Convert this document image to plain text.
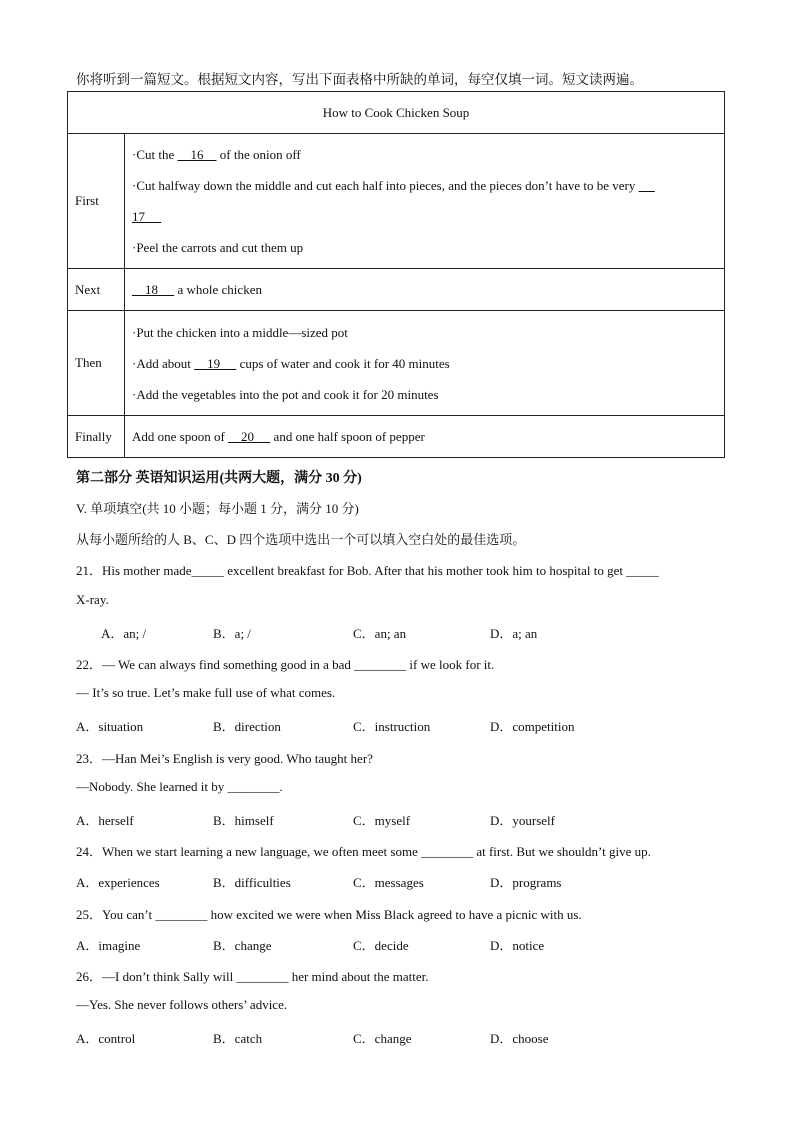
你将听到一篇短文。根据短文内容，写出下面表格中所缺的单词，每空仅填一词。短文读两遍。
How to Cook Chicken Soup	
First	·Cut the     16     of the onion off

·Cut halfway down the middle and cut each half into pieces, and the pieces don’t have to be very

17

·Peel the carrots and cut them up

Next	18      a whole chicken
Then	·Put the chicken into a middle—sized pot

·Add about     19      cups of water and cook it for 40 minutes

·Add the vegetables into the pot and cook it for 20 minutes

Finally	Add one spoon of     20      and one half spoon of pepper
第二部分 英语知识运用(共两大题，满分 30 分)
V. 单项填空(共 10 小题；每小题 1 分，满分 10 分)
从每小题所给的人 B、C、D 四个选项中选出一个可以填入空白处的最佳选项。
21．His mother made_____ excellent breakfast for Bob. After that his mother took him to hospital to get _____
X-ray.
A．an; /	B．a; /	C．an; an	D．a; an
22．— We can always find something good in a bad ________ if we look for it.
— It’s so true. Let’s make full use of what comes.
A．situation	B．direction	C．instruction	D．competition
23．—Han Mei’s English is very good. Who taught her?
—Nobody. She learned it by ________.
A．herself	B．himself	C．myself	D．yourself
24．When we start learning a new language, we often meet some ________ at first. But we shouldn’t give up.
A．experiences	B．difficulties	C．messages	D．programs
25．You can’t ________ how excited we were when Miss Black agreed to have a picnic with us.
A．imagine	B．change	C．decide	D．notice
26．—I don’t think Sally will ________ her mind about the matter.
—Yes. She never follows others’ advice.
A．control	B．catch	C．change	D．choose
